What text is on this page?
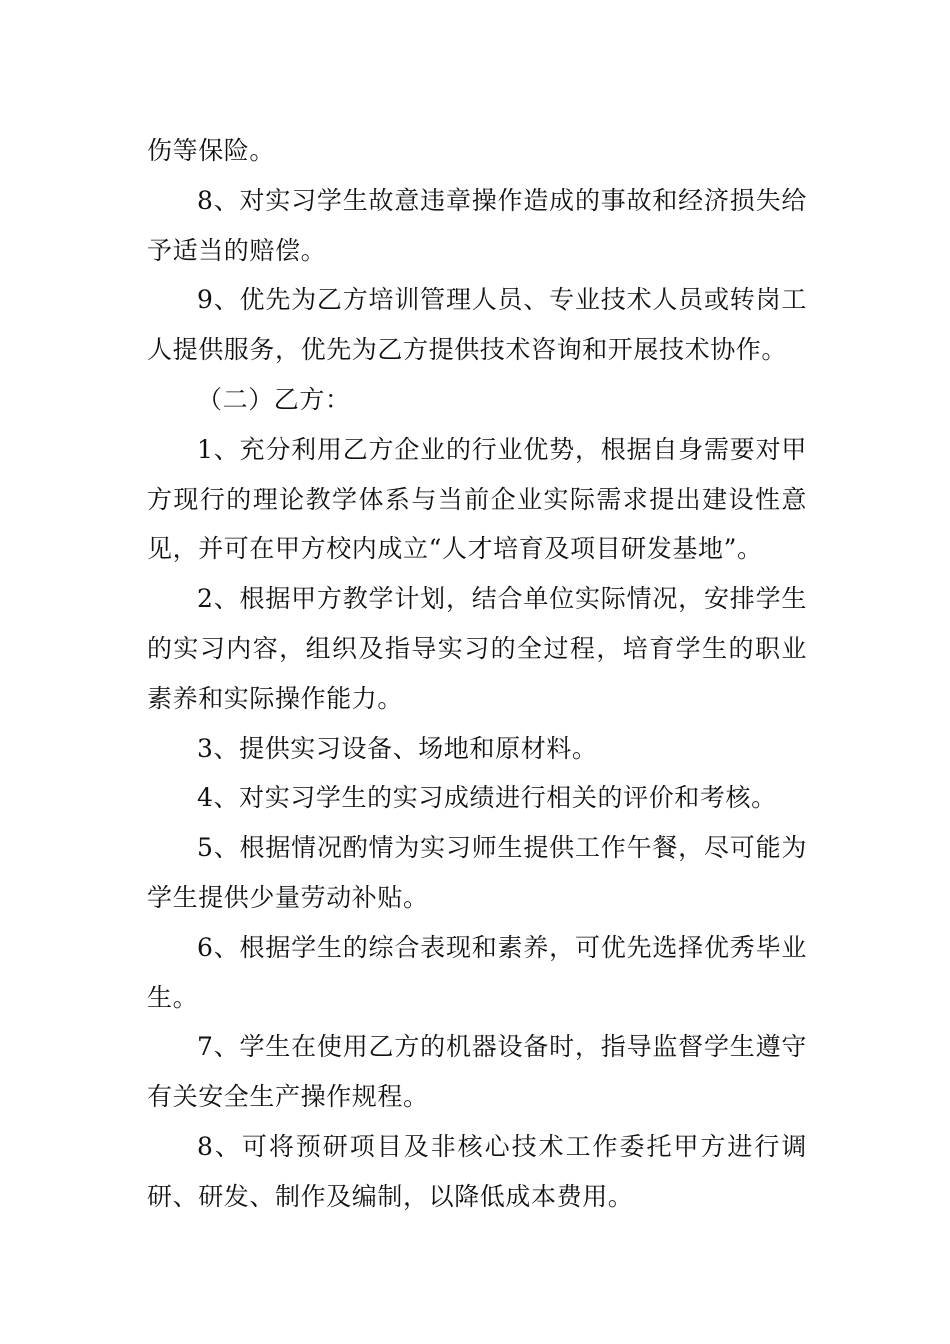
伤等保险。

8、对实习学生故意违章操作造成的事故和经济损失给予适当的赔偿。

9、优先为乙方培训管理人员、专业技术人员或转岗工人提供服务，优先为乙方提供技术咨询和开展技术协作。

（二）乙方：

1、充分利用乙方企业的行业优势，根据自身需要对甲方现行的理论教学体系与当前企业实际需求提出建设性意见，并可在甲方校内成立“人才培育及项目研发基地”。

2、根据甲方教学计划，结合单位实际情况，安排学生的实习内容，组织及指导实习的全过程，培育学生的职业素养和实际操作能力。

3、提供实习设备、场地和原材料。

4、对实习学生的实习成绩进行相关的评价和考核。

5、根据情况酌情为实习师生提供工作午餐，尽可能为学生提供少量劳动补贴。

6、根据学生的综合表现和素养，可优先选择优秀毕业生。

7、学生在使用乙方的机器设备时，指导监督学生遵守有关安全生产操作规程。

8、可将预研项目及非核心技术工作委托甲方进行调研、研发、制作及编制，以降低成本费用。
